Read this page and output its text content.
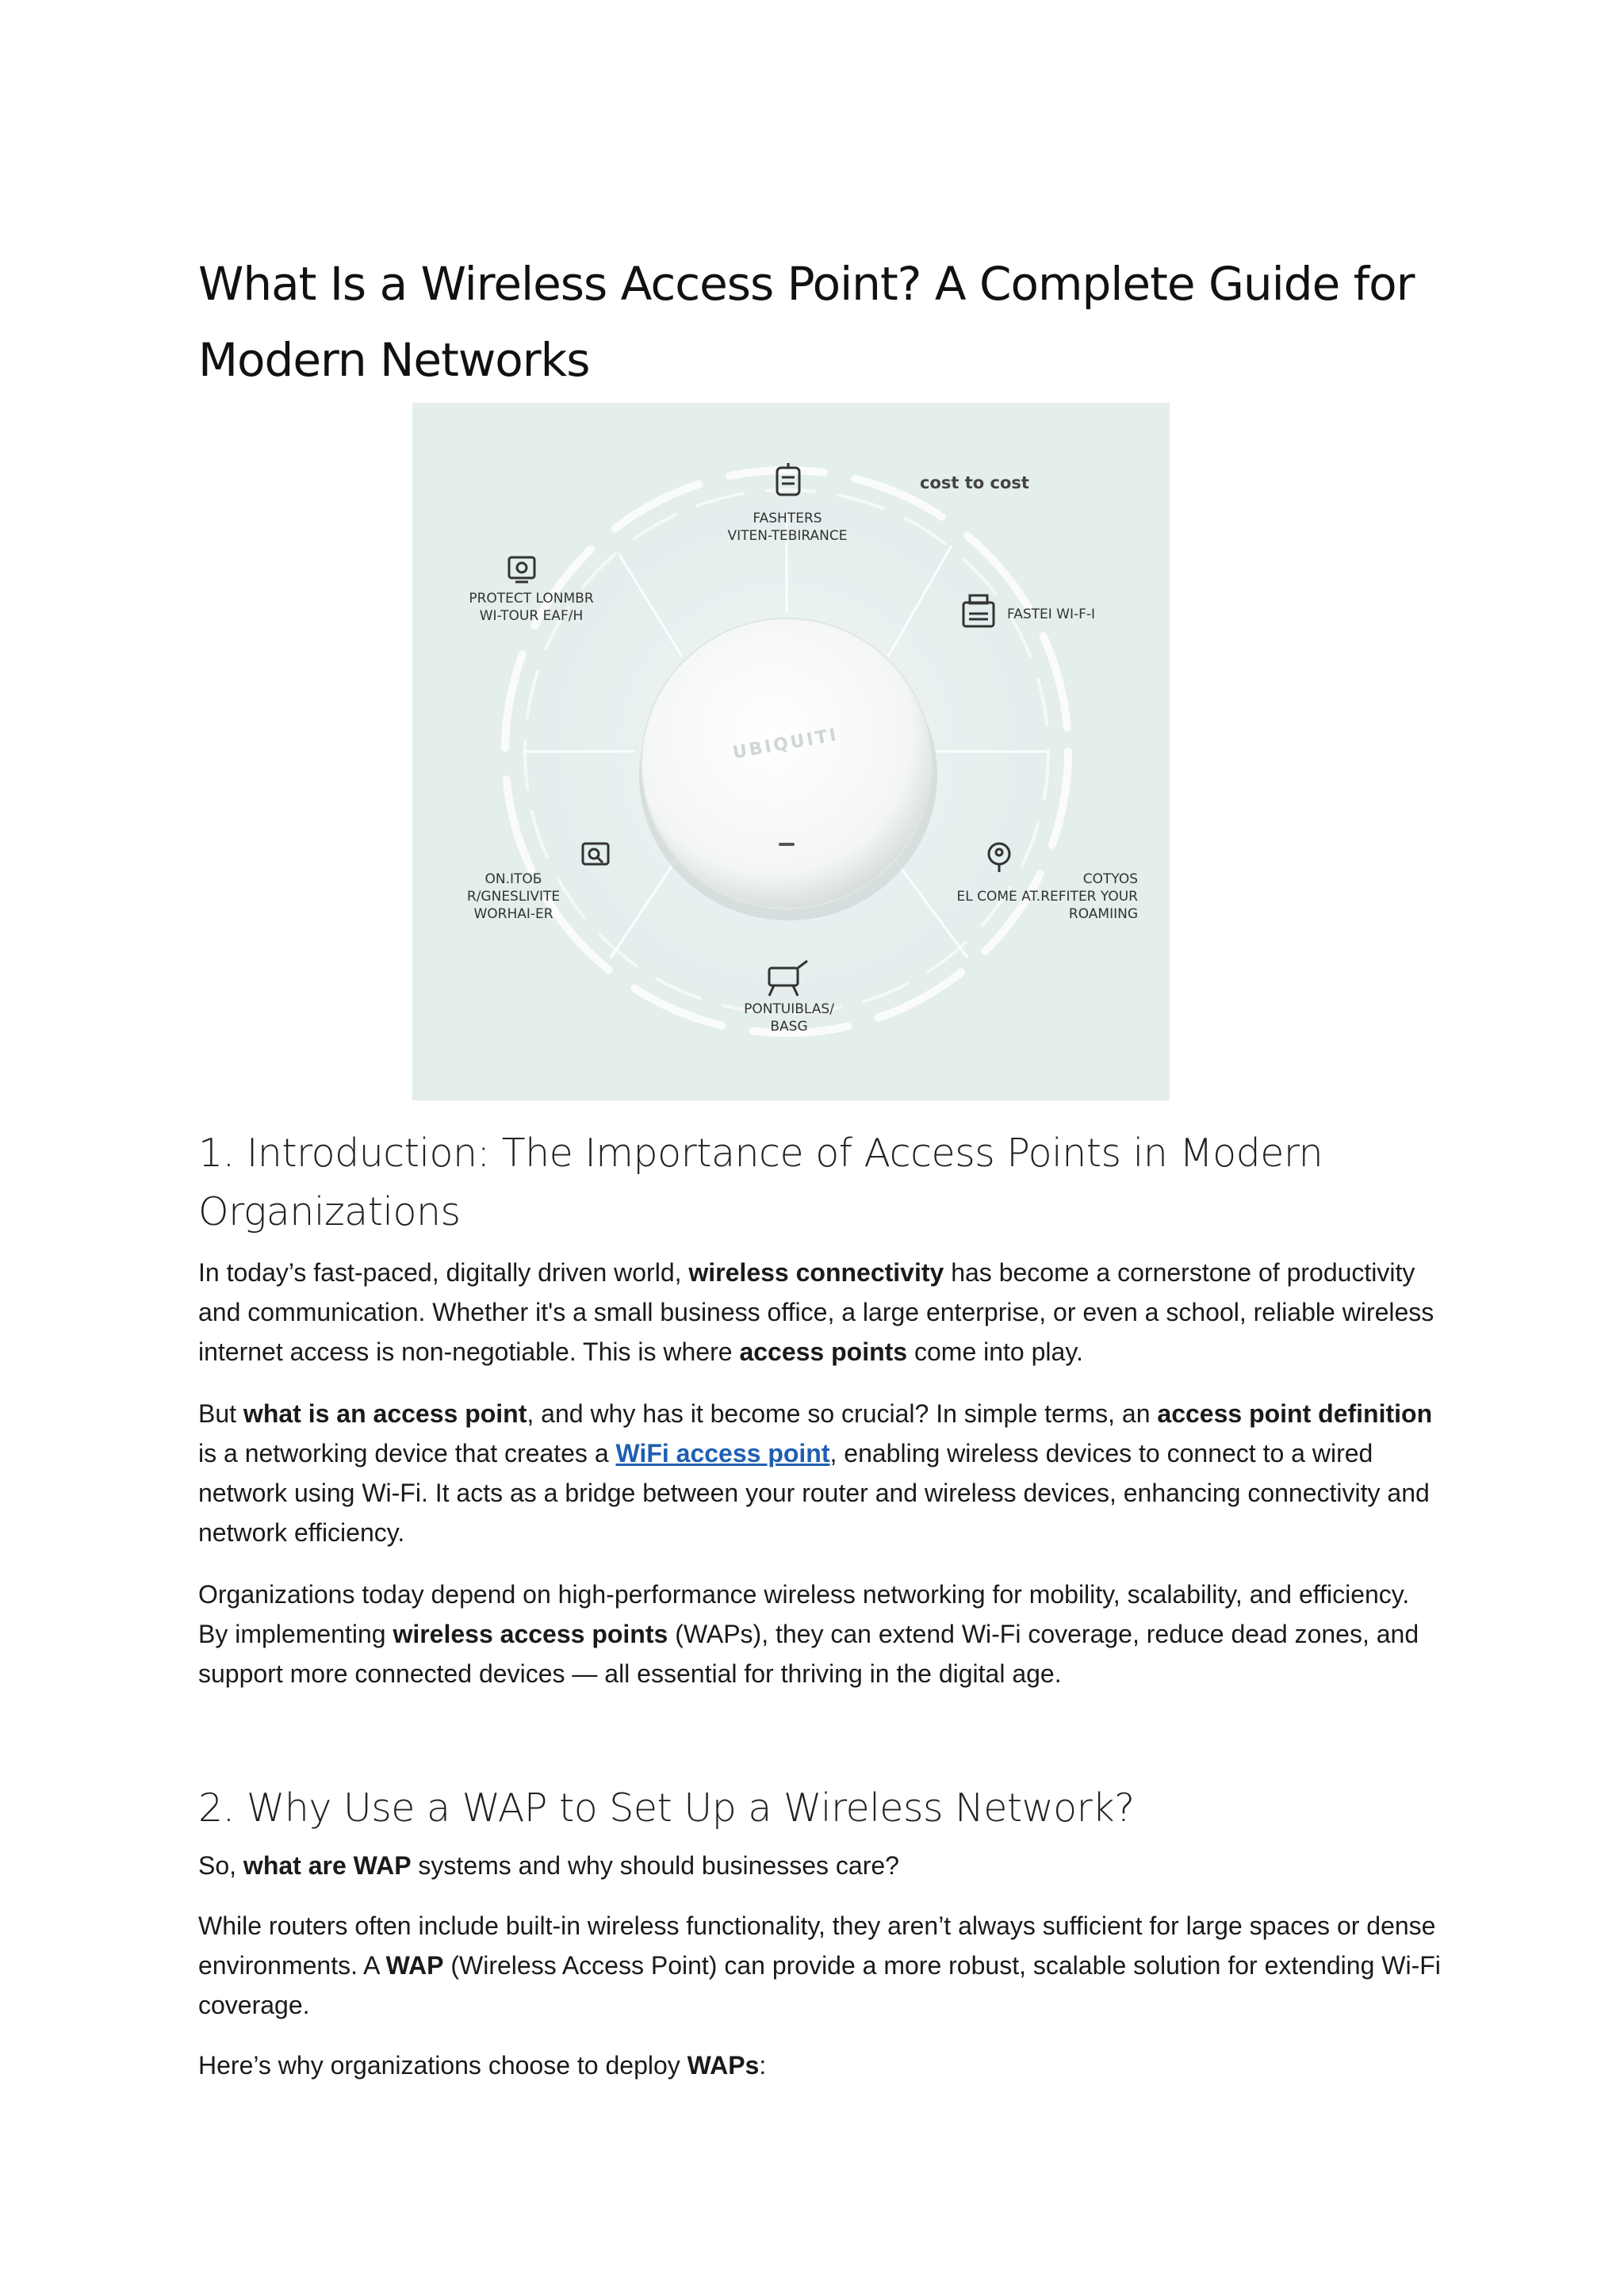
What Is a Wireless Access Point? A Complete Guide for Modern Networks
UBIQUITI
FASHTERS
VITEN-TEBIRANCE
cost to cost
FASTEI WI-F-I
PROTECT LONMBR
WI-TOUR EAF/H
ON.ITOБ
R/GNESLIVITE
WORHAI-ER
COTYOS
EL COME AT.REFITER YOUR
ROAMIING
PONTUIBLAS/
BASG
1. Introduction: The Importance of Access Points in Modern Organizations

In today’s fast-paced, digitally driven world, wireless connectivity has become a cornerstone of productivity and communication. Whether it's a small business office, a large enterprise, or even a school, reliable wireless internet access is non-negotiable. This is where access points come into play.

But what is an access point, and why has it become so crucial? In simple terms, an access point definition is a networking device that creates a WiFi access point, enabling wireless devices to connect to a wired network using Wi-Fi. It acts as a bridge between your router and wireless devices, enhancing connectivity and network efficiency.

Organizations today depend on high-performance wireless networking for mobility, scalability, and efficiency. By implementing wireless access points (WAPs), they can extend Wi-Fi coverage, reduce dead zones, and support more connected devices — all essential for thriving in the digital age.

2. Why Use a WAP to Set Up a Wireless Network?

So, what are WAP systems and why should businesses care?

While routers often include built-in wireless functionality, they aren’t always sufficient for large spaces or dense environments. A WAP (Wireless Access Point) can provide a more robust, scalable solution for extending Wi-Fi coverage.

Here’s why organizations choose to deploy WAPs:
